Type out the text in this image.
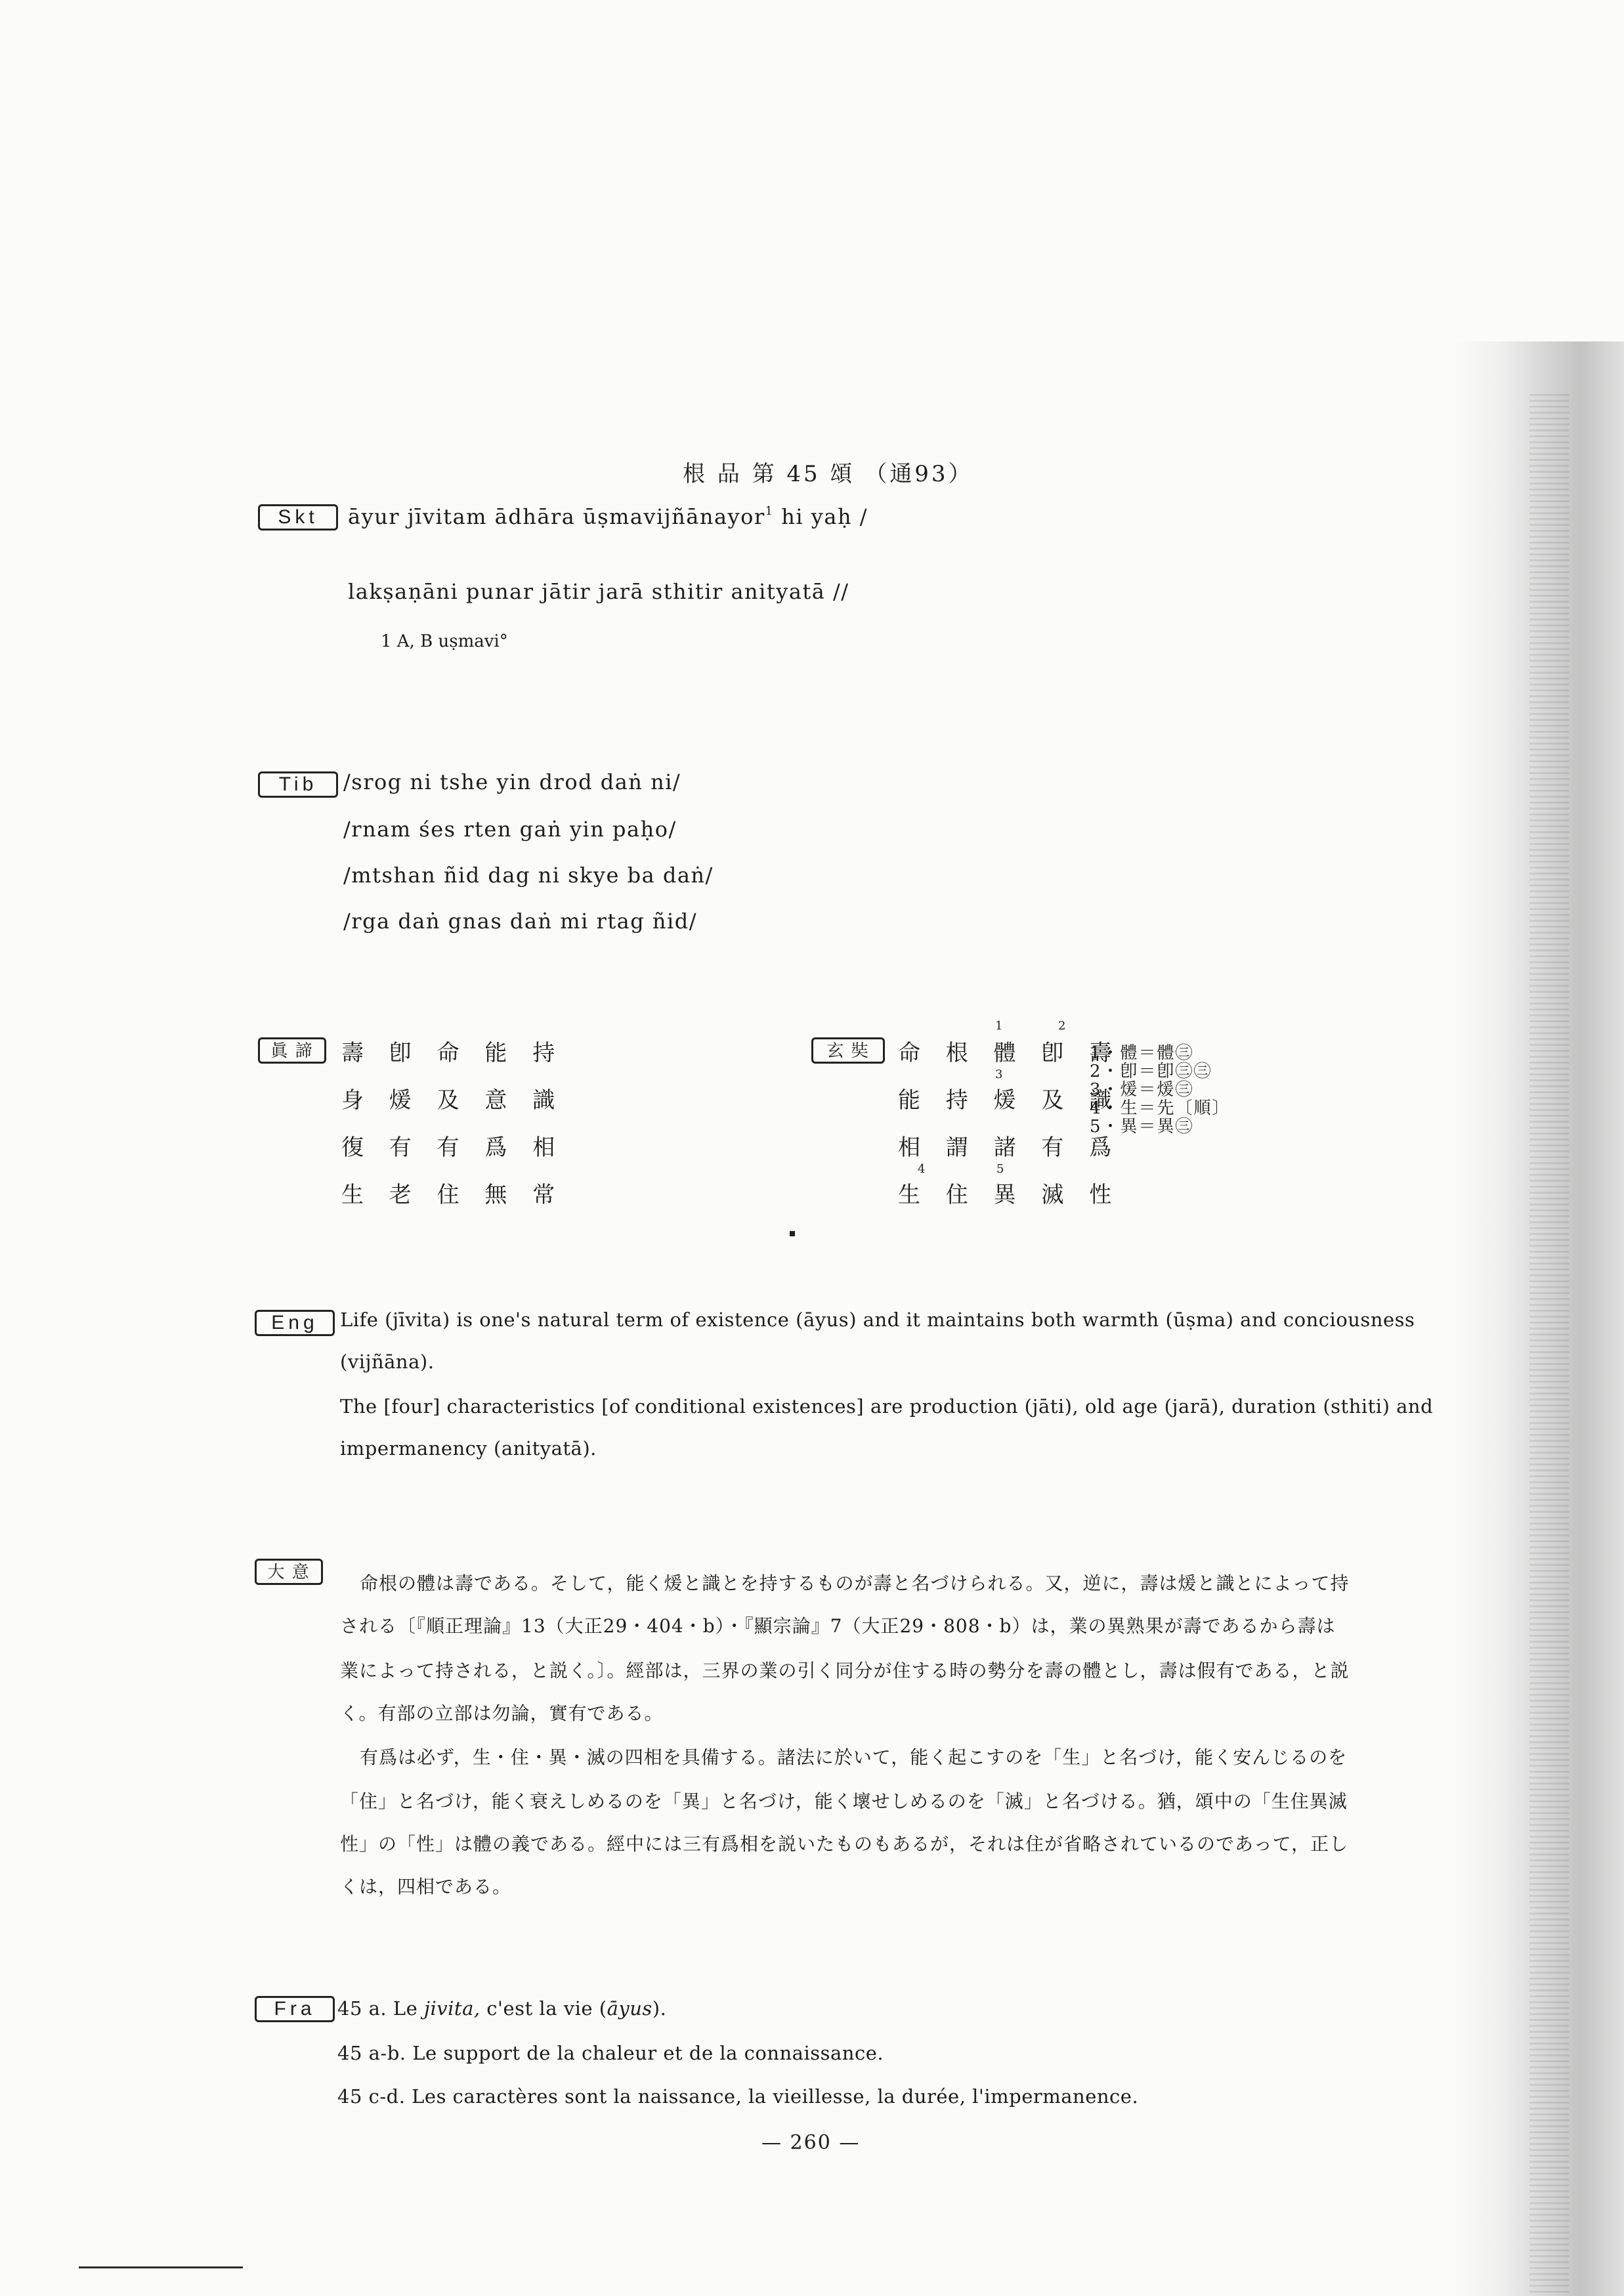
根 品 第 45 頌 （通93）
Skt	āyur jīvitam ādhāra ūṣmavijñānayor$^1$ hi yaḥ /
lakṣaṇāni punar jātir jarā sthitir anityatā //
1 A, B uṣmavi°
Tib	/srog ni tshe yin drod daṅ ni/
/rnam śes rten gaṅ yin paḥo/
/mtshan ñid dag ni skye ba daṅ/
/rga daṅ gnas daṅ mi rtag ñid/
眞 諦	壽 卽 命 能 持
身 煖 及 意 識
復 有 有 爲 相
生 老 住 無 常
玄 奘	命 根 體 卽 壽
能 持 煖 及 識
相 謂 諸 有 爲
生 住 異 滅 性
1	2
3
4	5
1・體＝體㊂
2・卽＝卽㊂㊂
3・煖＝煖㊂
4・生＝先〔順〕
5・異＝異㊂
Eng	Life (jīvita) is one's natural term of existence (āyus) and it maintains both warmth (ūṣma) and conciousness
(vijñāna).
The [four] characteristics [of conditional existences] are production (jāti), old age (jarā), duration (sthiti) and
impermanency (anityatā).
大 意
命根の體は壽である。そして，能く煖と識とを持するものが壽と名づけられる。又，逆に，壽は煖と識とによって持
される〔『順正理論』13（大正29・404・b）・『顯宗論』7（大正29・808・b）は，業の異熟果が壽であるから壽は
業によって持される，と説く。〕。經部は，三界の業の引く同分が住する時の勢分を壽の體とし，壽は假有である，と説
く。有部の立部は勿論，實有である。
有爲は必ず，生・住・異・滅の四相を具備する。諸法に於いて，能く起こすのを「生」と名づけ，能く安んじるのを
「住」と名づけ，能く衰えしめるのを「異」と名づけ，能く壞せしめるのを「滅」と名づける。猶，頌中の「生住異滅
性」の「性」は體の義である。經中には三有爲相を説いたものもあるが，それは住が省略されているのであって，正し
くは，四相である。
Fra	45 a. Le jivita, c'est la vie (āyus).
45 a-b. Le support de la chaleur et de la connaissance.
45 c-d. Les caractères sont la naissance, la vieillesse, la durée, l'impermanence.
— 260 —
